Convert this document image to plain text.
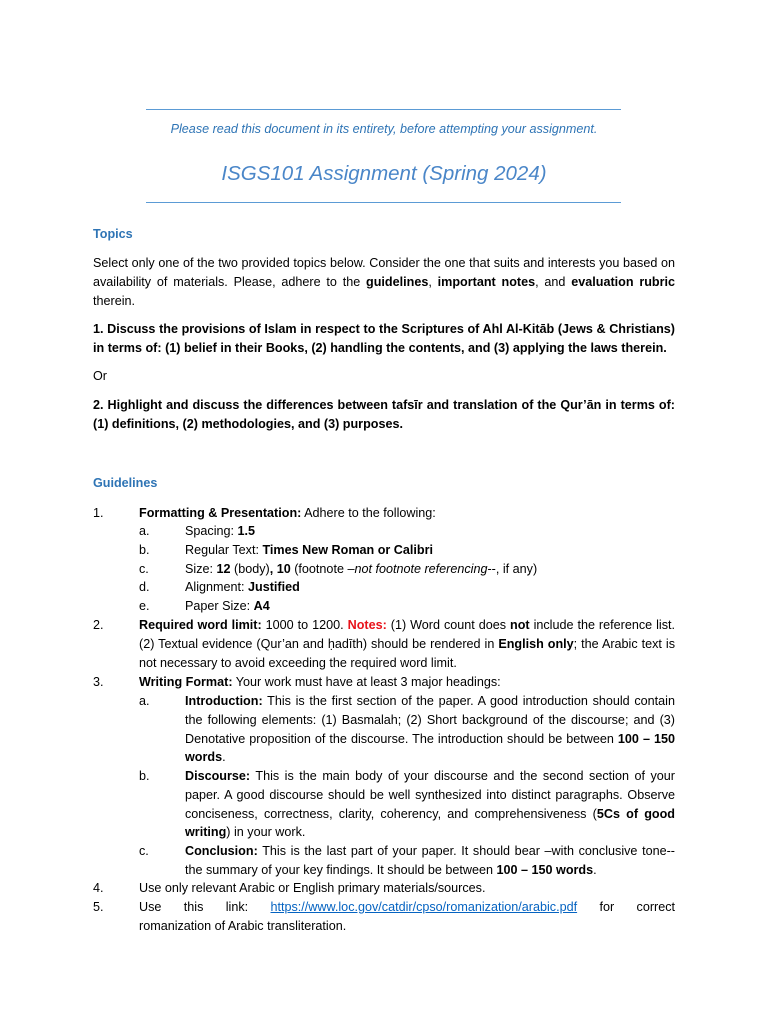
Please read this document in its entirety, before attempting your assignment.
ISGS101 Assignment (Spring 2024)
Topics
Select only one of the two provided topics below. Consider the one that suits and interests you based on availability of materials. Please, adhere to the guidelines, important notes, and evaluation rubric therein.
1. Discuss the provisions of Islam in respect to the Scriptures of Ahl Al-Kitāb (Jews & Christians) in terms of: (1) belief in their Books, (2) handling the contents, and (3) applying the laws therein.
Or
2. Highlight and discuss the differences between tafsīr and translation of the Qur’ān in terms of: (1) definitions, (2) methodologies, and (3) purposes.
Guidelines
1.	Formatting & Presentation: Adhere to the following:
a.	Spacing: 1.5
b.	Regular Text: Times New Roman or Calibri
c.	Size: 12 (body), 10 (footnote –not footnote referencing--, if any)
d.	Alignment: Justified
e.	Paper Size: A4
2.	Required word limit: 1000 to 1200. Notes: (1) Word count does not include the reference list. (2) Textual evidence (Qur’an and ḥadīth) should be rendered in English only; the Arabic text is not necessary to avoid exceeding the required word limit.
3.	Writing Format: Your work must have at least 3 major headings:
a.	Introduction: This is the first section of the paper. A good introduction should contain the following elements: (1) Basmalah; (2) Short background of the discourse; and (3) Denotative proposition of the discourse. The introduction should be between 100 – 150 words.
b.	Discourse: This is the main body of your discourse and the second section of your paper. A good discourse should be well synthesized into distinct paragraphs. Observe conciseness, correctness, clarity, coherency, and comprehensiveness (5Cs of good writing) in your work.
c.	Conclusion: This is the last part of your paper. It should bear –with conclusive tone-- the summary of your key findings. It should be between 100 – 150 words.
4.	Use only relevant Arabic or English primary materials/sources.
5.	Use this link: https://www.loc.gov/catdir/cpso/romanization/arabic.pdf for correct
romanization of Arabic transliteration.
